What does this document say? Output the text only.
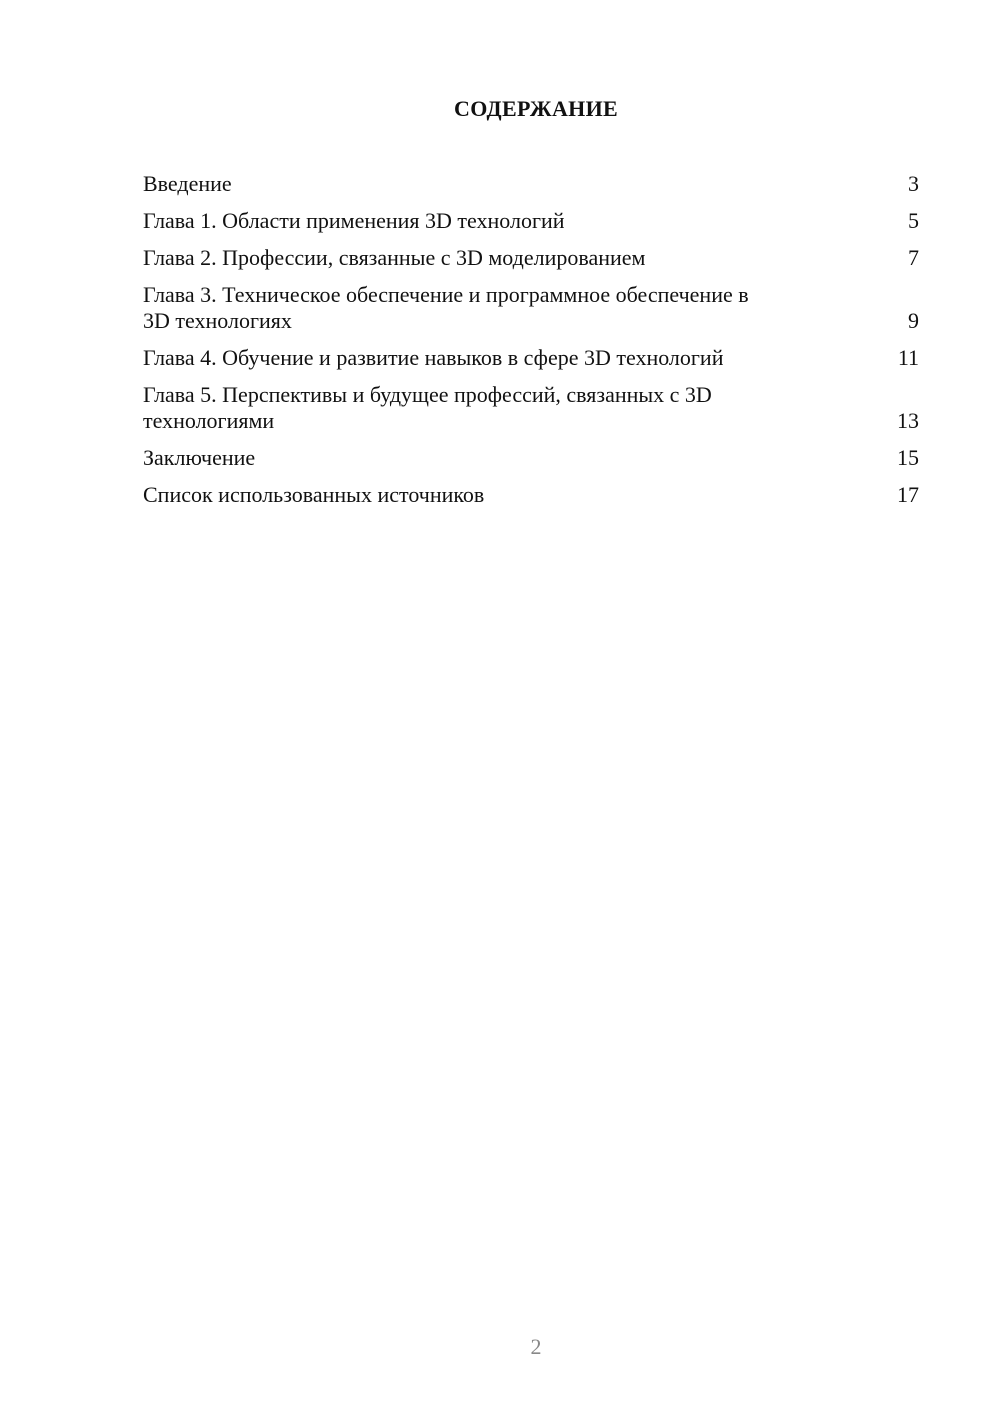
СОДЕРЖАНИЕ
Введение	3
Глава 1. Области применения 3D технологий	5
Глава 2. Профессии, связанные с 3D моделированием	7
Глава 3. Техническое обеспечение и программное обеспечение в
3D технологиях	9
Глава 4. Обучение и развитие навыков в сфере 3D технологий	11
Глава 5. Перспективы и будущее профессий, связанных с 3D
технологиями	13
Заключение	15
Список использованных источников	17
2
